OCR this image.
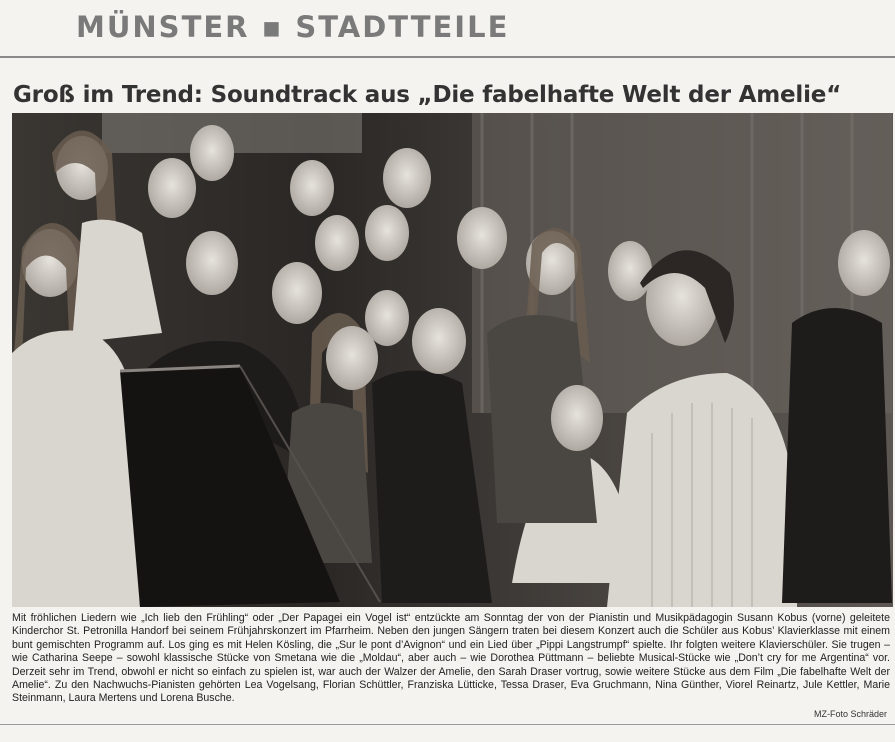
MÜNSTER ▪ STADTTEILE
Groß im Trend: Soundtrack aus „Die fabelhafte Welt der Amelie“
Mit fröhlichen Liedern wie „Ich lieb den Frühling“ oder „Der Papagei ein Vogel ist“ entzückte am Sonntag der von der Pianistin und Musikpädagogin Susann Kobus (vorne) geleitete Kinderchor St. Petronilla Handorf bei seinem Frühjahrskonzert im Pfarrheim. Neben den jungen Sängern traten bei diesem Konzert auch die Schüler aus Kobus’ Klavierklasse mit einem bunt gemischten Programm auf. Los ging es mit Helen Kösling, die „Sur le pont d’Avignon“ und ein Lied über „Pippi Langstrumpf“ spielte. Ihr folgten weitere Klavierschüler. Sie trugen – wie Catharina Seepe – sowohl klassische Stücke von Smetana wie die „Moldau“, aber auch – wie Dorothea Püttmann – beliebte Musical-Stücke wie „Don’t cry for me Argentina“ vor. Derzeit sehr im Trend, obwohl er nicht so einfach zu spielen ist, war auch der Walzer der Amelie, den Sarah Draser vortrug, sowie weitere Stücke aus dem Film „Die fabelhafte Welt der Amelie“. Zu den Nachwuchs-Pianisten gehörten Lea Vogelsang, Florian Schüttler, Franziska Lütticke, Tessa Draser, Eva Gruchmann, Nina Günther, Viorel Reinartz, Jule Kettler, Marie Steinmann, Laura Mertens und Lorena Busche.
MZ-Foto Schräder
